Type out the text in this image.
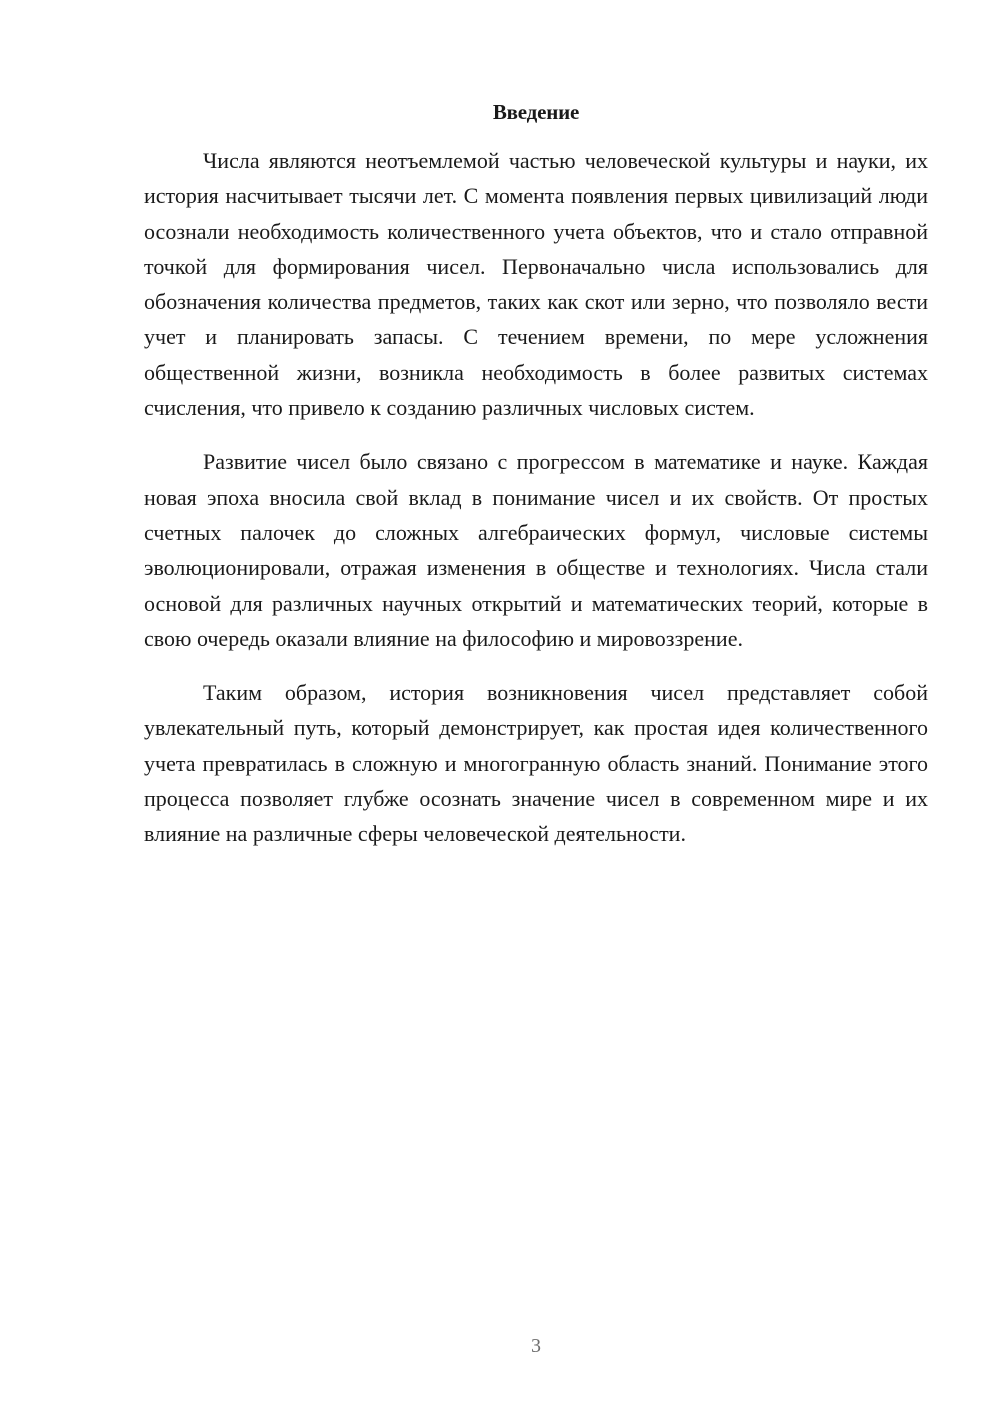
Введение

Числа являются неотъемлемой частью человеческой культуры и науки, их история насчитывает тысячи лет. С момента появления первых цивилизаций люди осознали необходимость количественного учета объектов, что и стало отправной точкой для формирования чисел. Первоначально числа использовались для обозначения количества предметов, таких как скот или зерно, что позволяло вести учет и планировать запасы. С течением времени, по мере усложнения общественной жизни, возникла необходимость в более развитых системах счисления, что привело к созданию различных числовых систем.

Развитие чисел было связано с прогрессом в математике и науке. Каждая новая эпоха вносила свой вклад в понимание чисел и их свойств. От простых счетных палочек до сложных алгебраических формул, числовые системы эволюционировали, отражая изменения в обществе и технологиях. Числа стали основой для различных научных открытий и математических теорий, которые в свою очередь оказали влияние на философию и мировоззрение.

Таким образом, история возникновения чисел представляет собой увлекательный путь, который демонстрирует, как простая идея количественного учета превратилась в сложную и многогранную область знаний. Понимание этого процесса позволяет глубже осознать значение чисел в современном мире и их влияние на различные сферы человеческой деятельности.

3
